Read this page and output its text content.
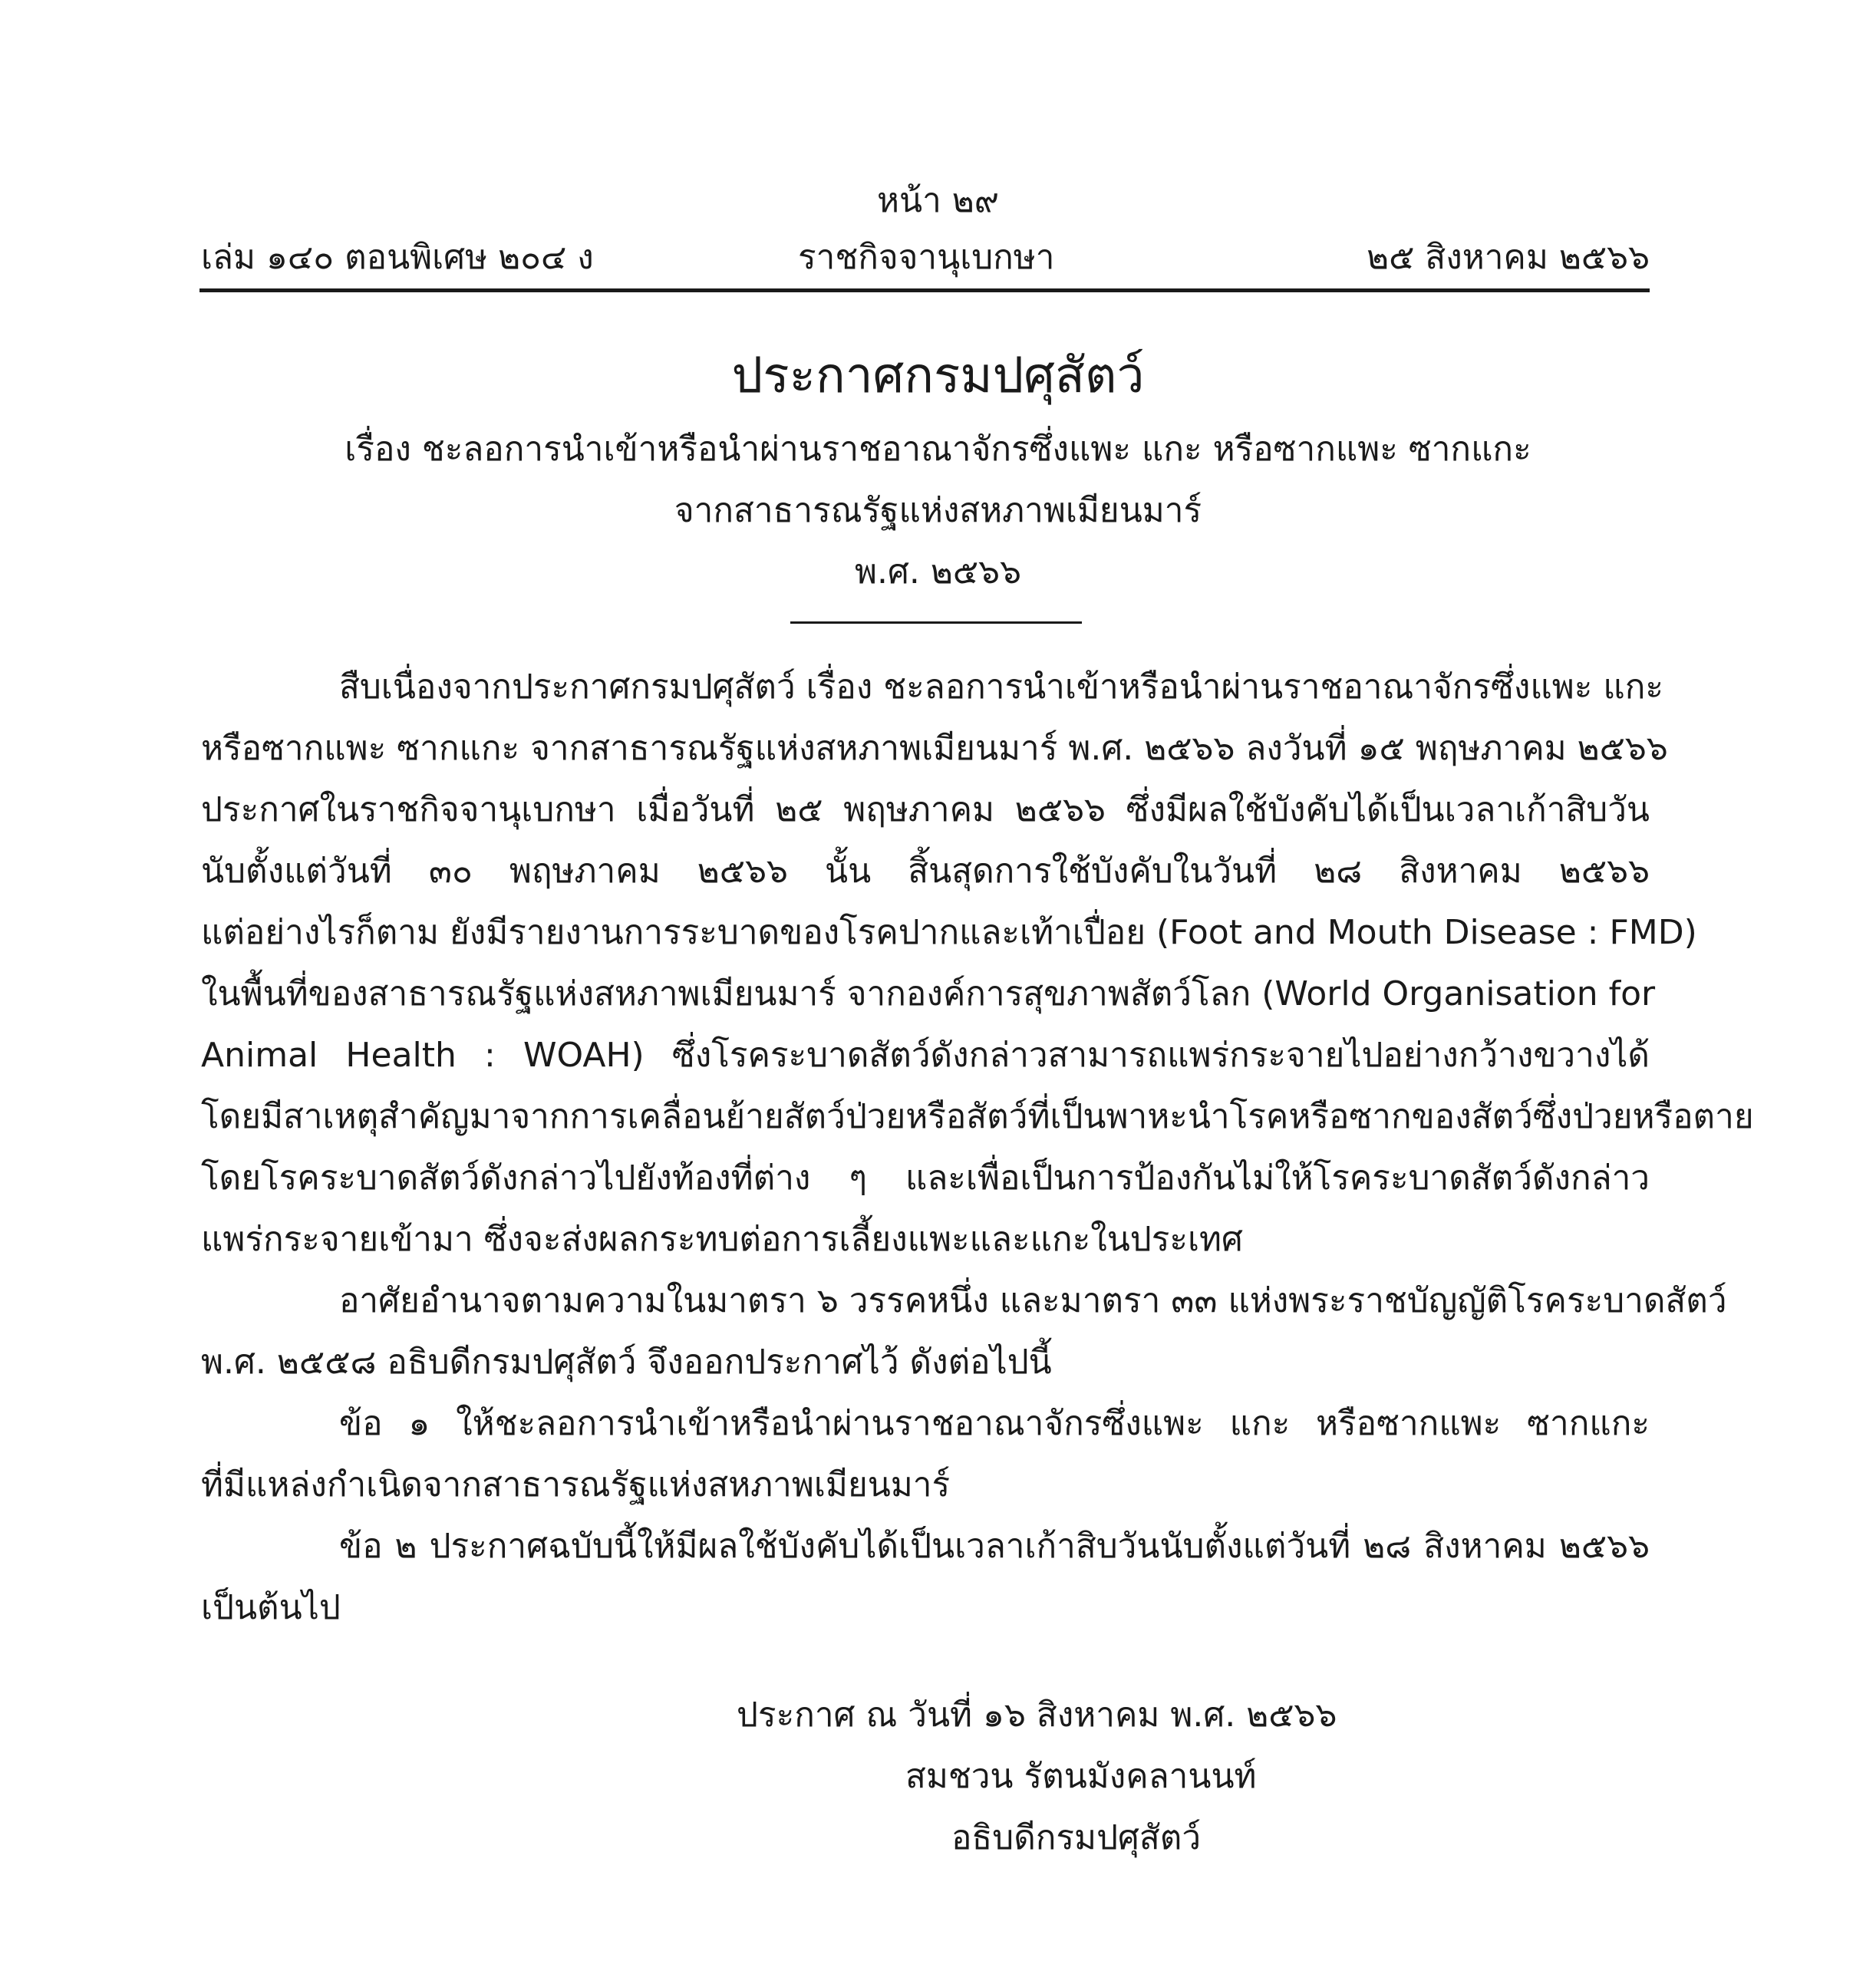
หน้า ๒๙
เล่ม ๑๔๐ ตอนพิเศษ ๒๐๔ ง	ราชกิจจานุเบกษา	๒๕ สิงหาคม ๒๕๖๖
ประกาศกรมปศุสัตว์
เรื่อง ชะลอการนำเข้าหรือนำผ่านราชอาณาจักรซึ่งแพะ แกะ หรือซากแพะ ซากแกะ
จากสาธารณรัฐแห่งสหภาพเมียนมาร์
พ.ศ. ๒๕๖๖
สืบเนื่องจากประกาศกรมปศุสัตว์ เรื่อง ชะลอการนำเข้าหรือนำผ่านราชอาณาจักรซึ่งแพะ แกะ
หรือซากแพะ ซากแกะ จากสาธารณรัฐแห่งสหภาพเมียนมาร์ พ.ศ. ๒๕๖๖ ลงวันที่ ๑๕ พฤษภาคม ๒๕๖๖
ประกาศในราชกิจจานุเบกษา เมื่อวันที่ ๒๕ พฤษภาคม ๒๕๖๖ ซึ่งมีผลใช้บังคับได้เป็นเวลาเก้าสิบวัน
นับตั้งแต่วันที่ ๓๐ พฤษภาคม ๒๕๖๖ นั้น สิ้นสุดการใช้บังคับในวันที่ ๒๘ สิงหาคม ๒๕๖๖
แต่อย่างไรก็ตาม ยังมีรายงานการระบาดของโรคปากและเท้าเปื่อย (Foot and Mouth Disease : FMD)
ในพื้นที่ของสาธารณรัฐแห่งสหภาพเมียนมาร์ จากองค์การสุขภาพสัตว์โลก (World Organisation for
Animal Health : WOAH) ซึ่งโรคระบาดสัตว์ดังกล่าวสามารถแพร่กระจายไปอย่างกว้างขวางได้
โดยมีสาเหตุสำคัญมาจากการเคลื่อนย้ายสัตว์ป่วยหรือสัตว์ที่เป็นพาหะนำโรคหรือซากของสัตว์ซึ่งป่วยหรือตาย
โดยโรคระบาดสัตว์ดังกล่าวไปยังท้องที่ต่าง ๆ และเพื่อเป็นการป้องกันไม่ให้โรคระบาดสัตว์ดังกล่าว
แพร่กระจายเข้ามา ซึ่งจะส่งผลกระทบต่อการเลี้ยงแพะและแกะในประเทศ
อาศัยอำนาจตามความในมาตรา ๖ วรรคหนึ่ง และมาตรา ๓๓ แห่งพระราชบัญญัติโรคระบาดสัตว์
พ.ศ. ๒๕๕๘ อธิบดีกรมปศุสัตว์ จึงออกประกาศไว้ ดังต่อไปนี้
ข้อ ๑ ให้ชะลอการนำเข้าหรือนำผ่านราชอาณาจักรซึ่งแพะ แกะ หรือซากแพะ ซากแกะ
ที่มีแหล่งกำเนิดจากสาธารณรัฐแห่งสหภาพเมียนมาร์
ข้อ ๒ ประกาศฉบับนี้ให้มีผลใช้บังคับได้เป็นเวลาเก้าสิบวันนับตั้งแต่วันที่ ๒๘ สิงหาคม ๒๕๖๖
เป็นต้นไป
ประกาศ ณ วันที่ ๑๖ สิงหาคม พ.ศ. ๒๕๖๖
สมชวน รัตนมังคลานนท์
อธิบดีกรมปศุสัตว์
